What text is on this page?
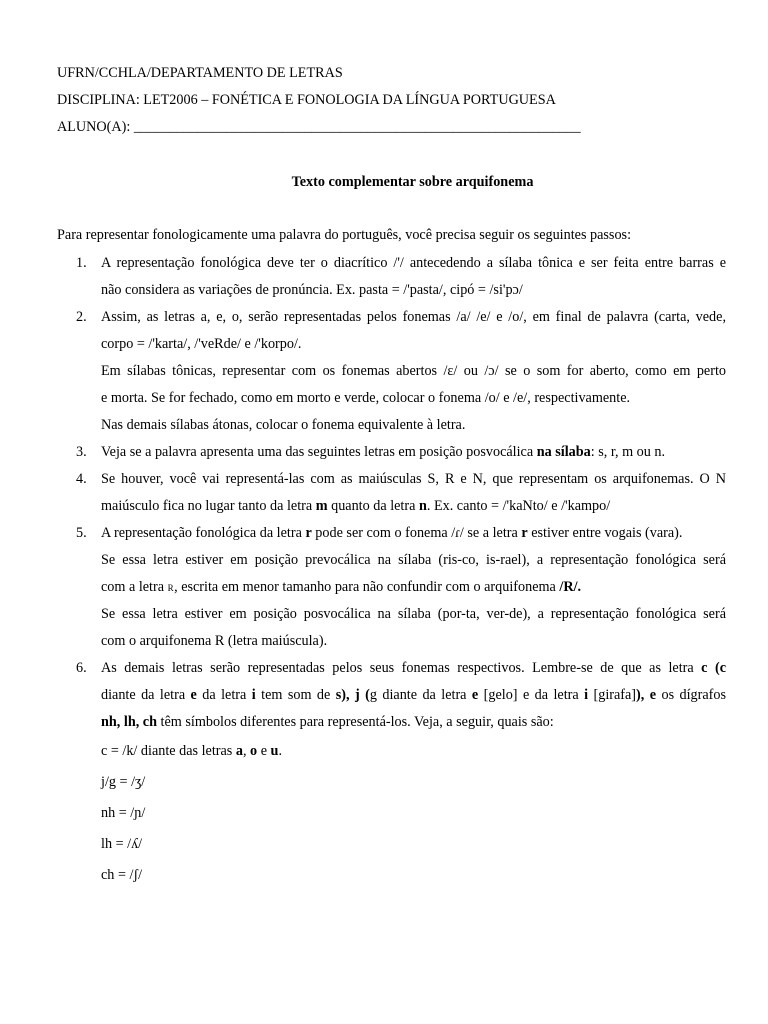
UFRN/CCHLA/DEPARTAMENTO DE LETRAS
DISCIPLINA: LET2006 – FONÉTICA E FONOLOGIA DA LÍNGUA PORTUGUESA
ALUNO(A): _______________________________________________________________
Texto complementar sobre arquifonema
Para representar fonologicamente uma palavra do português, você precisa seguir os seguintes passos:
1. A representação fonológica deve ter o diacrítico /'/ antecedendo a sílaba tônica e ser feita entre barras e
não considera as variações de pronúncia. Ex. pasta = /'pasta/, cipó = /si'pɔ/
2. Assim, as letras a, e, o, serão representadas pelos fonemas /a/ /e/ e /o/, em final de palavra (carta, vede,
corpo = /'karta/, /'veRde/ e /'korpo/.
Em sílabas tônicas, representar com os fonemas abertos /ɛ/ ou /ɔ/ se o som for aberto, como em perto
e morta. Se for fechado, como em morto e verde, colocar o fonema /o/ e /e/, respectivamente.
Nas demais sílabas átonas, colocar o fonema equivalente à letra.
3. Veja se a palavra apresenta uma das seguintes letras em posição posvocálica na sílaba: s, r, m ou n.
4. Se houver, você vai representá-las com as maiúsculas S, R e N, que representam os arquifonemas. O N
maiúsculo fica no lugar tanto da letra m quanto da letra n. Ex. canto = /'kaNto/ e /'kampo/
5. A representação fonológica da letra r pode ser com o fonema /ɾ/ se a letra r estiver entre vogais (vara).
Se essa letra estiver em posição prevocálica na sílaba (ris-co, is-rael), a representação fonológica será
com a letra R, escrita em menor tamanho para não confundir com o arquifonema /R/.
Se essa letra estiver em posição posvocálica na sílaba (por-ta, ver-de), a representação fonológica será
com o arquifonema R (letra maiúscula).
6. As demais letras serão representadas pelos seus fonemas respectivos. Lembre-se de que as letra c (c
diante da letra e da letra i tem som de s), j (g diante da letra e [gelo] e da letra i [girafa]), e os dígrafos
nh, lh, ch têm símbolos diferentes para representá-los. Veja, a seguir, quais são:
c = /k/ diante das letras a, o e u.
j/g = /ʒ/
nh = /ɲ/
lh = /ʎ/
ch = /ʃ/
